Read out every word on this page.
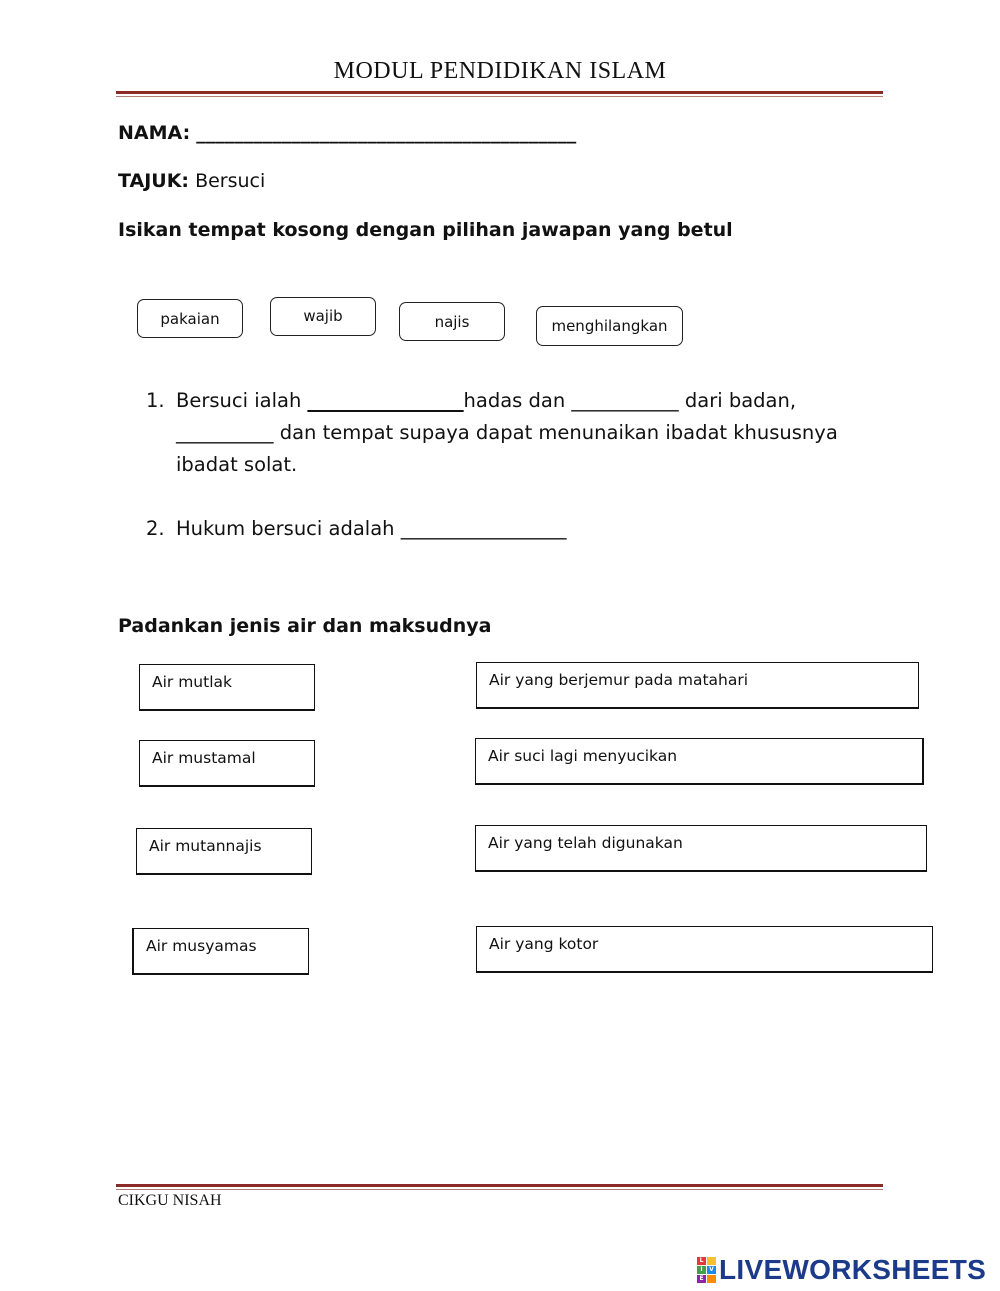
MODUL PENDIDIKAN ISLAM
NAMA: ________________________________________
TAJUK: Bersuci
Isikan tempat kosong dengan pilihan jawapan yang betul
pakaian	wajib	najis	menghilangkan
1. Bersuci ialah ________________hadas dan ___________ dari badan,
__________ dan tempat supaya dapat menunaikan ibadat khususnya
ibadat solat.
2. Hukum bersuci adalah _________________
Padankan jenis air dan maksudnya
Air mutlak
Air mustamal
Air mutannajis
Air musyamas
Air yang berjemur pada matahari
Air suci lagi menyucikan
Air yang telah digunakan
Air yang kotor
CIKGU NISAH
L
I	V
E LIVEWORKSHEETS
